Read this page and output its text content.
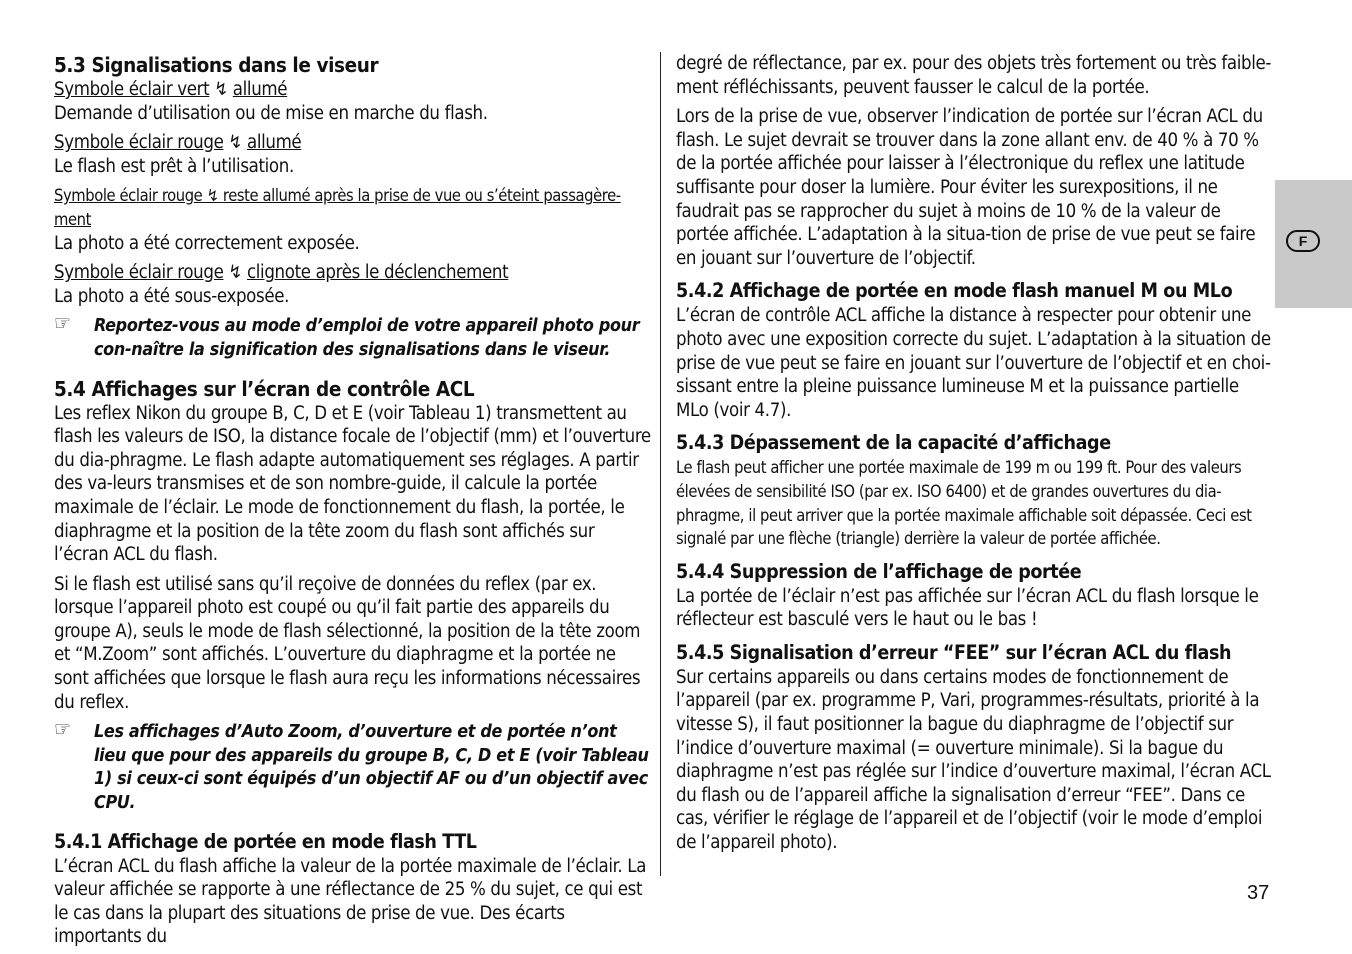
5.3 Signalisations dans le viseur

Symbole éclair vert ↯ allumé

Demande d’utilisation ou de mise en marche du flash.

Symbole éclair rouge ↯ allumé

Le flash est prêt à l’utilisation.

Symbole éclair rouge ↯ reste allumé après la prise de vue ou s’éteint passagère-ment

La photo a été correctement exposée.

Symbole éclair rouge ↯ clignote après le déclenchement

La photo a été sous-exposée.

☞ Reportez-vous au mode d’emploi de votre appareil photo pour con-naître la signification des signalisations dans le viseur.
5.4 Affichages sur l’écran de contrôle ACL

Les reflex Nikon du groupe B, C, D et E (voir Tableau 1) transmettent au flash les valeurs de ISO, la distance focale de l’objectif (mm) et l’ouverture du dia-phragme. Le flash adapte automatiquement ses réglages. A partir des va-leurs transmises et de son nombre-guide, il calcule la portée maximale de l’éclair. Le mode de fonctionnement du flash, la portée, le diaphragme et la position de la tête zoom du flash sont affichés sur l’écran ACL du flash.

Si le flash est utilisé sans qu’il reçoive de données du reflex (par ex. lorsque l’appareil photo est coupé ou qu’il fait partie des appareils du groupe A), seuls le mode de flash sélectionné, la position de la tête zoom et “M.Zoom” sont affichés. L’ouverture du diaphragme et la portée ne sont affichées que lorsque le flash aura reçu les informations nécessaires du reflex.

☞ Les affichages d’Auto Zoom, d’ouverture et de portée n’ont lieu que pour des appareils du groupe B, C, D et E (voir Tableau 1) si ceux-ci sont équipés d’un objectif AF ou d’un objectif avec CPU.
5.4.1 Affichage de portée en mode flash TTL

L’écran ACL du flash affiche la valeur de la portée maximale de l’éclair. La valeur affichée se rapporte à une réflectance de 25 % du sujet, ce qui est le cas dans la plupart des situations de prise de vue. Des écarts importants du

degré de réflectance, par ex. pour des objets très fortement ou très faible-ment réfléchissants, peuvent fausser le calcul de la portée.

Lors de la prise de vue, observer l’indication de portée sur l’écran ACL du flash. Le sujet devrait se trouver dans la zone allant env. de 40 % à 70 % de la portée affichée pour laisser à l’électronique du reflex une latitude suffisante pour doser la lumière. Pour éviter les surexpositions, il ne faudrait pas se rapprocher du sujet à moins de 10 % de la valeur de portée affichée. L’adaptation à la situa-tion de prise de vue peut se faire en jouant sur l’ouverture de l’objectif.

5.4.2 Affichage de portée en mode flash manuel M ou MLo

L’écran de contrôle ACL affiche la distance à respecter pour obtenir une photo avec une exposition correcte du sujet. L’adaptation à la situation de prise de vue peut se faire en jouant sur l’ouverture de l’objectif et en choi-sissant entre la pleine puissance lumineuse M et la puissance partielle MLo (voir 4.7).

5.4.3 Dépassement de la capacité d’affichage

Le flash peut afficher une portée maximale de 199 m ou 199 ft. Pour des valeurs élevées de sensibilité ISO (par ex. ISO 6400) et de grandes ouvertures du dia-phragme, il peut arriver que la portée maximale affichable soit dépassée. Ceci est signalé par une flèche (triangle) derrière la valeur de portée affichée.

5.4.4 Suppression de l’affichage de portée

La portée de l’éclair n’est pas affichée sur l’écran ACL du flash lorsque le réflecteur est basculé vers le haut ou le bas !

5.4.5 Signalisation d’erreur “FEE” sur l’écran ACL du flash

Sur certains appareils ou dans certains modes de fonctionnement de l’appareil (par ex. programme P, Vari, programmes-résultats, priorité à la vitesse S), il faut positionner la bague du diaphragme de l’objectif sur l’indice d’ouverture maximal (= ouverture minimale). Si la bague du diaphragme n’est pas réglée sur l’indice d’ouverture maximal, l’écran ACL du flash ou de l’appareil affiche la signalisation d’erreur “FEE”. Dans ce cas, vérifier le réglage de l’appareil et de l’objectif (voir le mode d’emploi de l’appareil photo).

F
37
